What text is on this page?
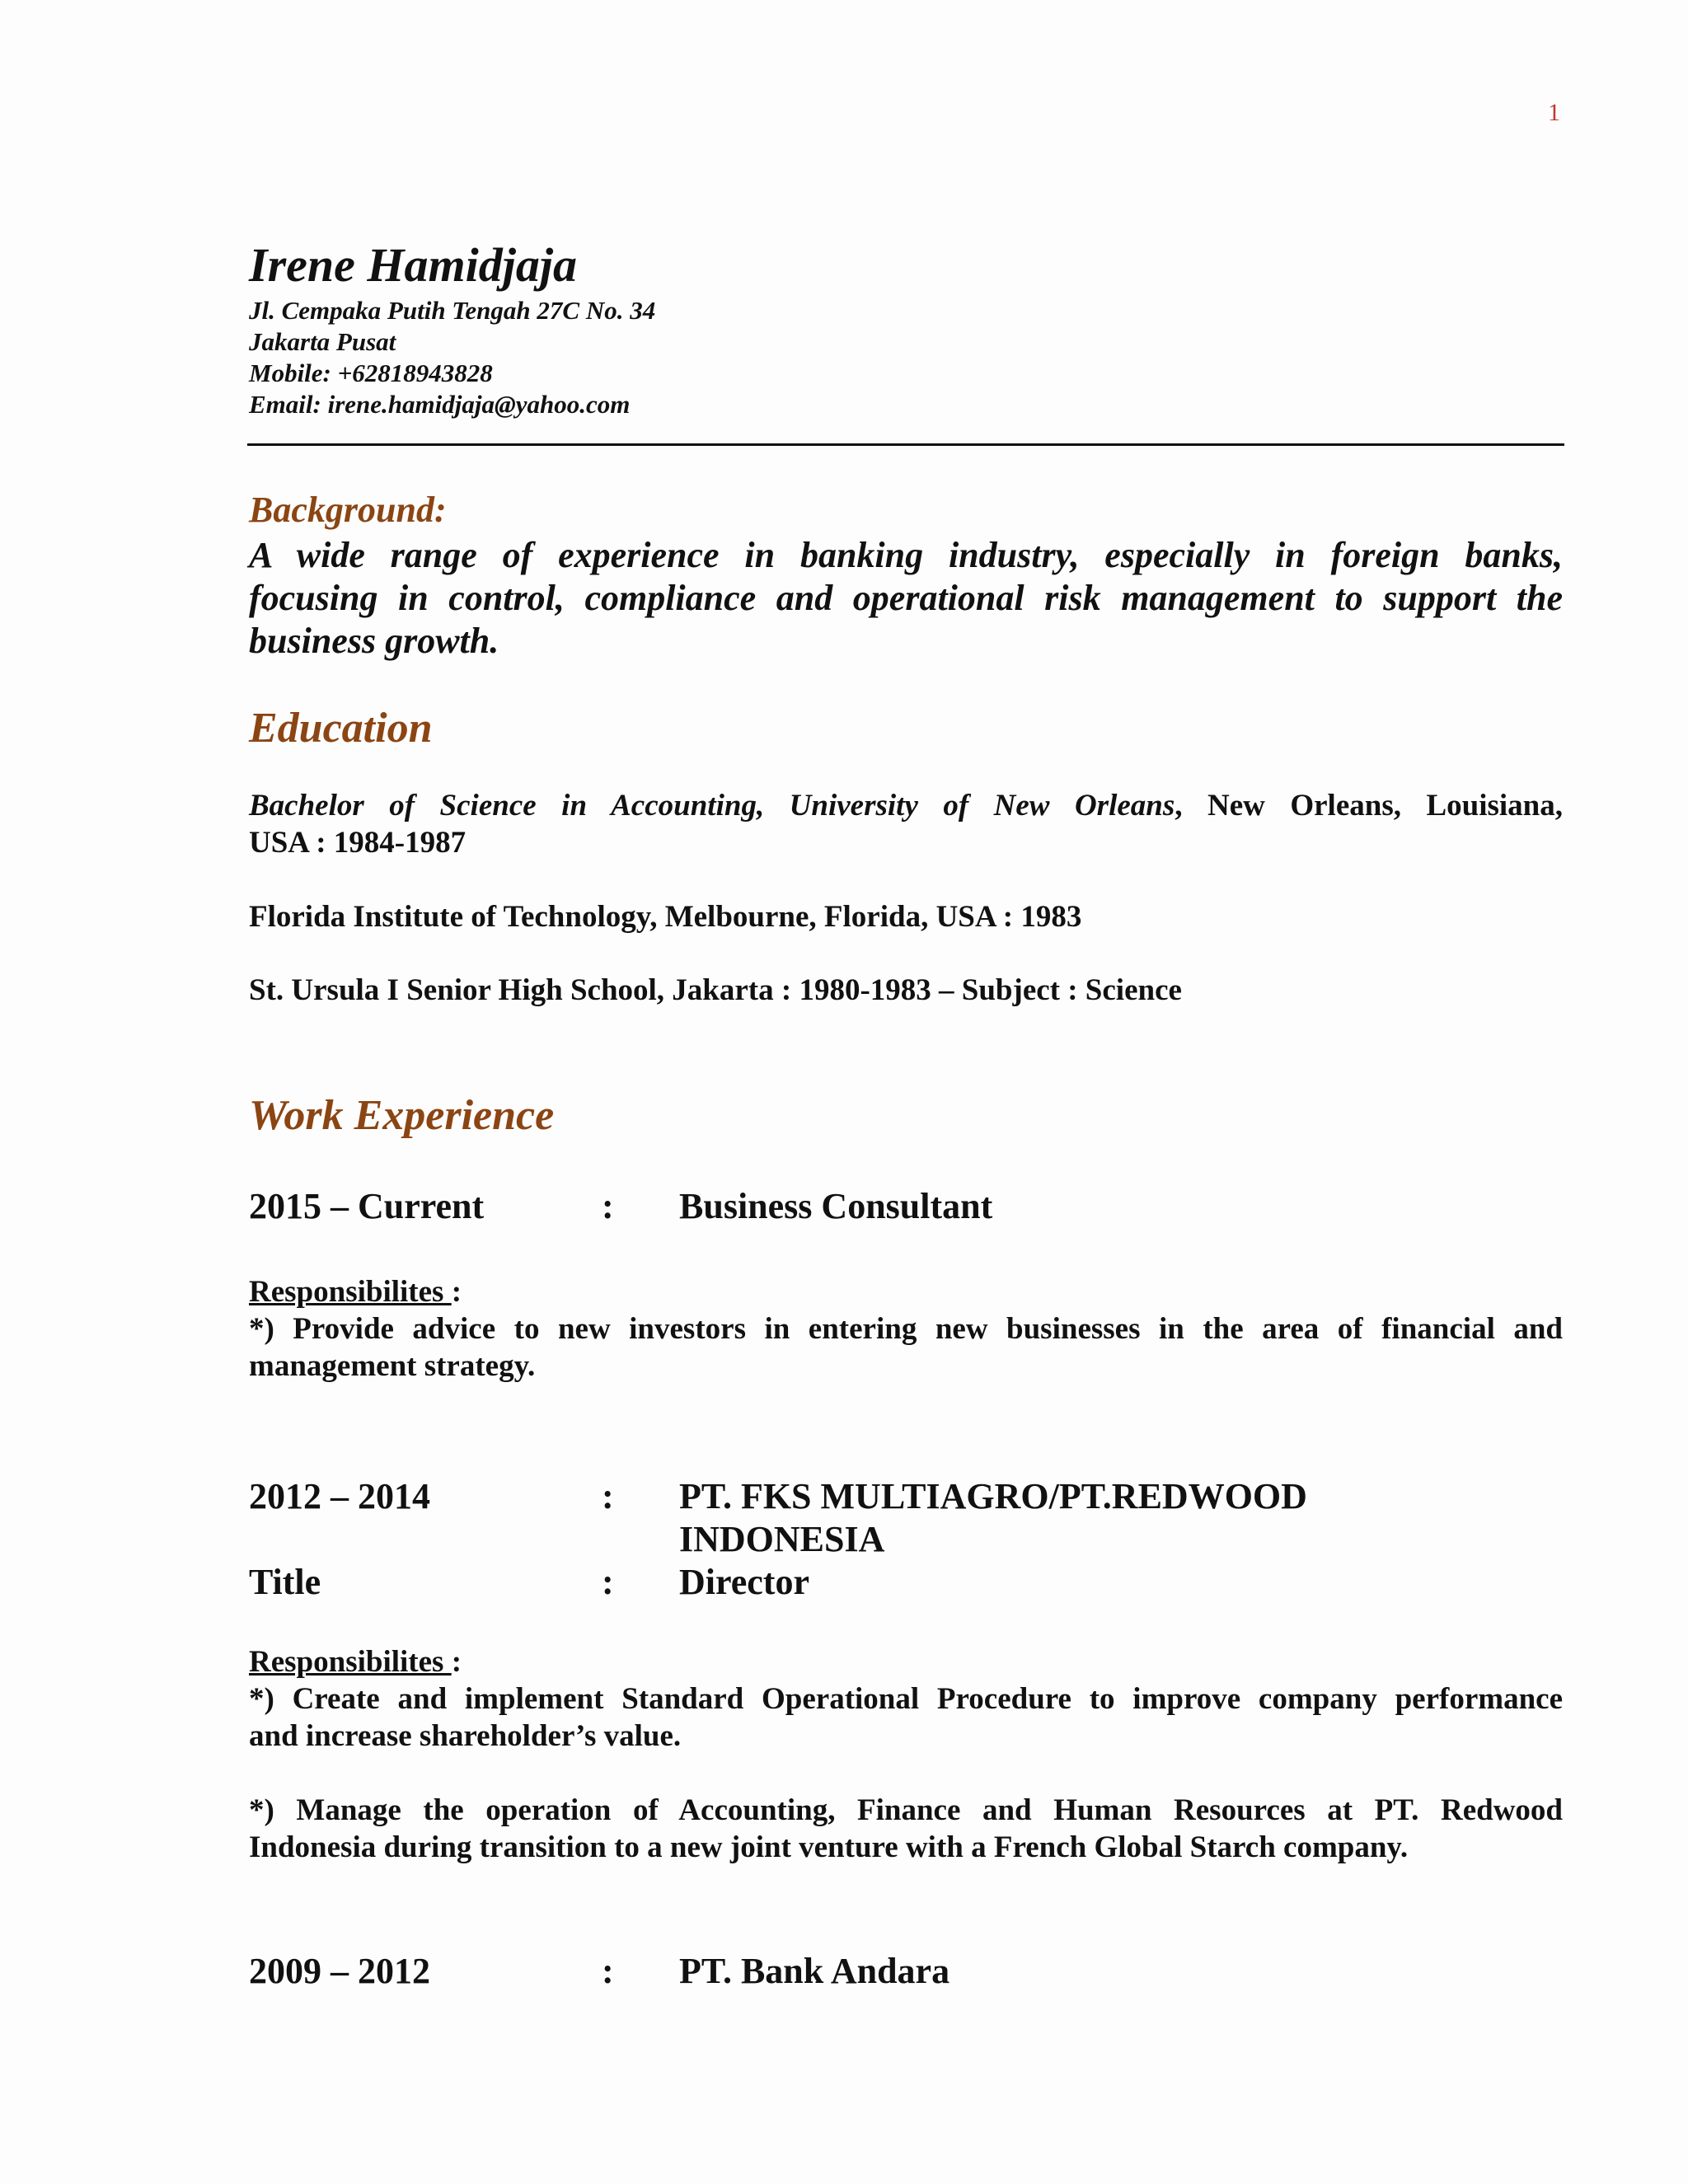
1
Irene Hamidjaja
Jl. Cempaka Putih Tengah 27C No. 34
Jakarta Pusat
Mobile: +62818943828
Email: irene.hamidjaja@yahoo.com
Background:
A wide range of experience in banking industry, especially in foreign banks,
focusing in control, compliance and operational risk management to support the
business growth.
Education
Bachelor of Science in Accounting, University of New Orleans, New Orleans, Louisiana,
USA : 1984-1987
Florida Institute of Technology, Melbourne, Florida, USA : 1983
St. Ursula I Senior High School, Jakarta : 1980-1983 – Subject : Science
Work Experience
2015 – Current	: Business Consultant
Responsibilites :
*) Provide advice to new investors in entering new businesses in the area of financial and
management strategy.
2012 – 2014	: PT. FKS MULTIAGRO/PT.REDWOOD
INDONESIA
Title	: Director
Responsibilites :
*) Create and implement Standard Operational Procedure to improve company performance
and increase shareholder’s value.
*) Manage the operation of Accounting, Finance and Human Resources at PT. Redwood
Indonesia during transition to a new joint venture with a French Global Starch company.
2009 – 2012	: PT. Bank Andara
